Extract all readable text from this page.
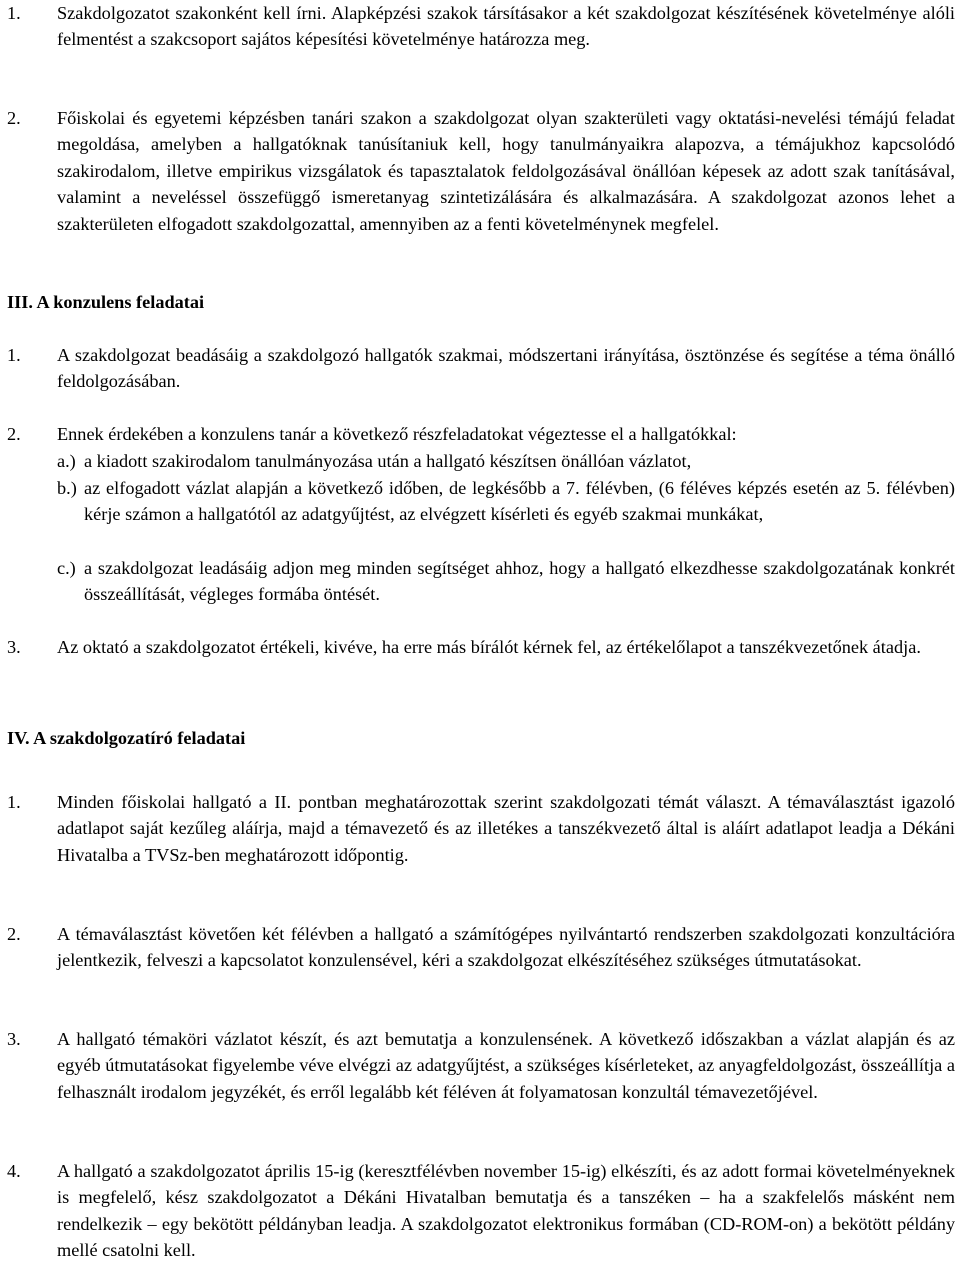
1. Szakdolgozatot szakonként kell írni. Alapképzési szakok társításakor a két szakdolgozat készítésének követelménye alóli felmentést a szakcsoport sajátos képesítési követelménye határozza meg.
2. Főiskolai és egyetemi képzésben tanári szakon a szakdolgozat olyan szakterületi vagy oktatási-nevelési témájú feladat megoldása, amelyben a hallgatóknak tanúsítaniuk kell, hogy tanulmányaikra alapozva, a témájukhoz kapcsolódó szakirodalom, illetve empirikus vizsgálatok és tapasztalatok feldolgozásával önállóan képesek az adott szak tanításával, valamint a neveléssel összefüggő ismeretanyag szintetizálására és alkalmazására. A szakdolgozat azonos lehet a szakterületen elfogadott szakdolgozattal, amennyiben az a fenti követelménynek megfelel.
III. A konzulens feladatai
1. A szakdolgozat beadásáig a szakdolgozó hallgatók szakmai, módszertani irányítása, ösztönzése és segítése a téma önálló feldolgozásában.
2. Ennek érdekében a konzulens tanár a következő részfeladatokat végeztesse el a hallgatókkal:
a.) a kiadott szakirodalom tanulmányozása után a hallgató készítsen önállóan vázlatot,
b.) az elfogadott vázlat alapján a következő időben, de legkésőbb a 7. félévben, (6 féléves képzés esetén az 5. félévben) kérje számon a hallgatótól az adatgyűjtést, az elvégzett kísérleti és egyéb szakmai munkákat,
c.) a szakdolgozat leadásáig adjon meg minden segítséget ahhoz, hogy a hallgató elkezdhesse szakdolgozatának konkrét összeállítását, végleges formába öntését.
3. Az oktató a szakdolgozatot értékeli, kivéve, ha erre más bírálót kérnek fel, az értékelőlapot a tanszékvezetőnek átadja.
IV. A szakdolgozatíró feladatai
1. Minden főiskolai hallgató a II. pontban meghatározottak szerint szakdolgozati témát választ. A témaválasztást igazoló adatlapot saját kezűleg aláírja, majd a témavezető és az illetékes a tanszékvezető által is aláírt adatlapot leadja a Dékáni Hivatalba a TVSz-ben meghatározott időpontig.
2. A témaválasztást követően két félévben a hallgató a számítógépes nyilvántartó rendszerben szakdolgozati konzultációra jelentkezik, felveszi a kapcsolatot konzulensével, kéri a szakdolgozat elkészítéséhez szükséges útmutatásokat.
3. A hallgató témaköri vázlatot készít, és azt bemutatja a konzulensének. A következő időszakban a vázlat alapján és az egyéb útmutatásokat figyelembe véve elvégzi az adatgyűjtést, a szükséges kísérleteket, az anyagfeldolgozást, összeállítja a felhasznált irodalom jegyzékét, és erről legalább két féléven át folyamatosan konzultál témavezetőjével.
4. A hallgató a szakdolgozatot április 15-ig (keresztfélévben november 15-ig) elkészíti, és az adott formai követelményeknek is megfelelő, kész szakdolgozatot a Dékáni Hivatalban bemutatja és a tanszéken – ha a szakfelelős másként nem rendelkezik – egy bekötött példányban leadja. A szakdolgozatot elektronikus formában (CD-ROM-on) a bekötött példány mellé csatolni kell.
